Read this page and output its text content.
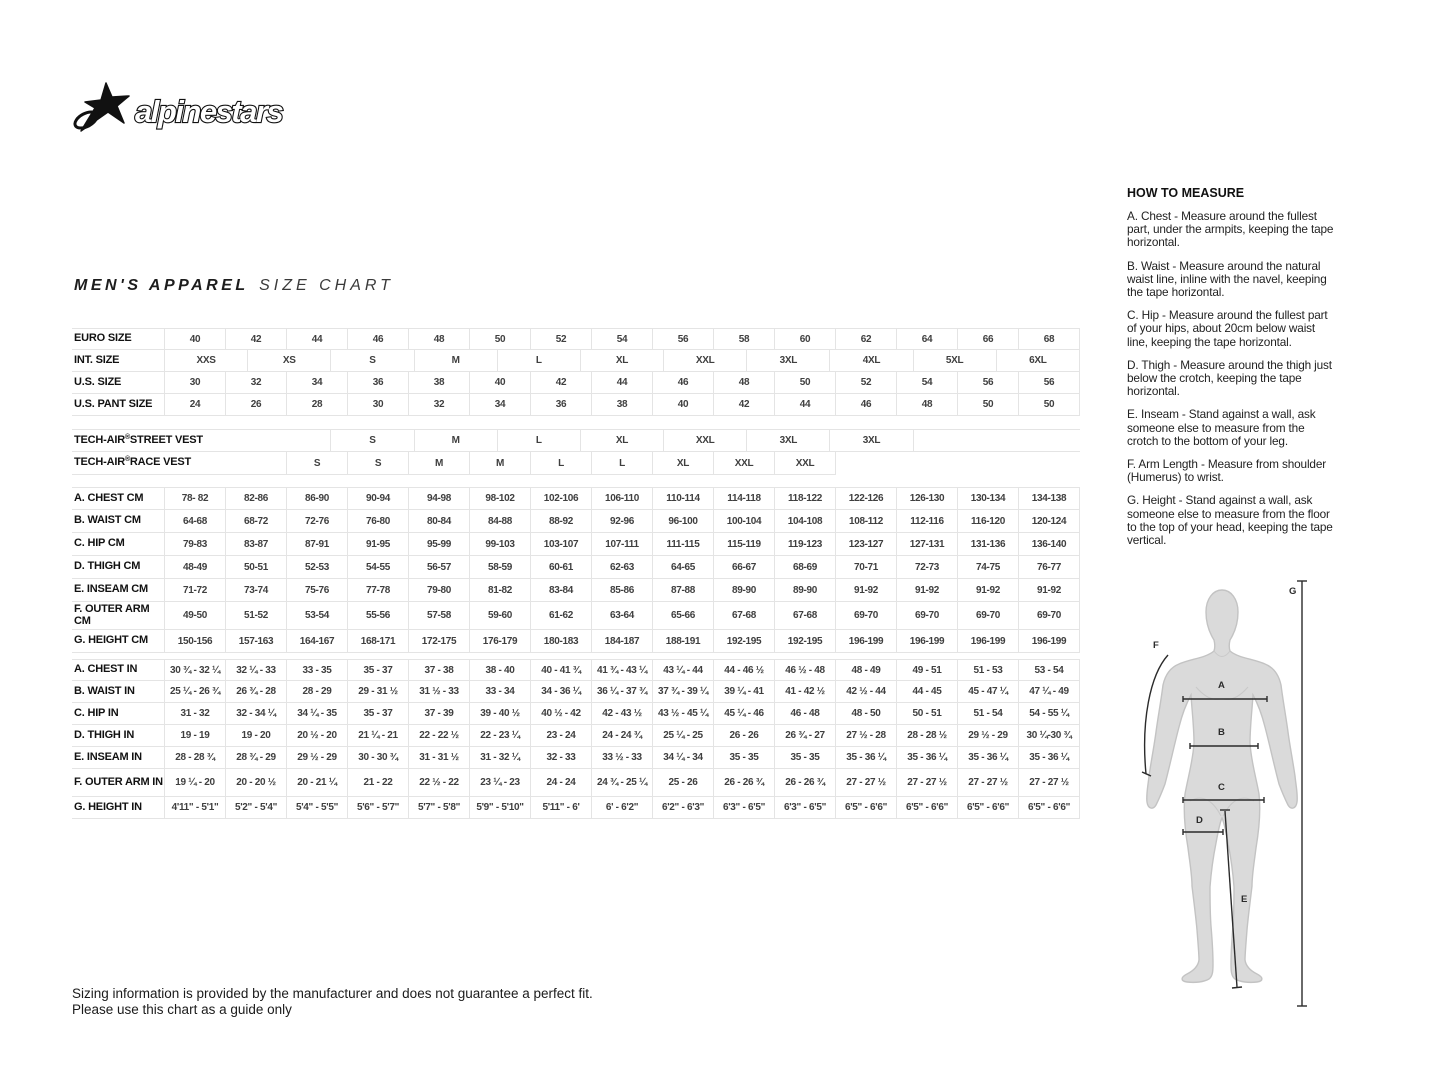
alpinestars
MEN'S APPAREL SIZE CHART
EURO SIZE	40	42	44	46	48	50	52	54	56	58	60	62	64	66	68
INT. SIZE	XXS	XS	S	M	L	XL	XXL	3XL	4XL	5XL	6XL
U.S. SIZE	30	32	34	36	38	40	42	44	46	48	50	52	54	56	56
U.S. PANT SIZE	24	26	28	30	32	34	36	38	40	42	44	46	48	50	50
TECH-AIR® STREET VEST	S	M	L	XL	XXL	3XL	3XL
TECH-AIR® RACE VEST	S	S	M	M	L	L	XL	XXL	XXL
A. CHEST CM	78- 82	82-86	86-90	90-94	94-98	98-102	102-106	106-110	110-114	114-118	118-122	122-126	126-130	130-134	134-138
B. WAIST CM	64-68	68-72	72-76	76-80	80-84	84-88	88-92	92-96	96-100	100-104	104-108	108-112	112-116	116-120	120-124
C. HIP CM	79-83	83-87	87-91	91-95	95-99	99-103	103-107	107-111	111-115	115-119	119-123	123-127	127-131	131-136	136-140
D. THIGH CM	48-49	50-51	52-53	54-55	56-57	58-59	60-61	62-63	64-65	66-67	68-69	70-71	72-73	74-75	76-77
E. INSEAM CM	71-72	73-74	75-76	77-78	79-80	81-82	83-84	85-86	87-88	89-90	89-90	91-92	91-92	91-92	91-92
F. OUTER ARM CM	49-50	51-52	53-54	55-56	57-58	59-60	61-62	63-64	65-66	67-68	67-68	69-70	69-70	69-70	69-70
G. HEIGHT CM	150-156	157-163	164-167	168-171	172-175	176-179	180-183	184-187	188-191	192-195	192-195	196-199	196-199	196-199	196-199
A. CHEST IN	30 ¾ - 32 ¼	32 ¼ - 33	33 - 35	35 - 37	37 - 38	38 - 40	40 - 41 ¾	41 ¾ - 43 ¼	43 ¼ - 44	44 - 46 ½	46 ½ - 48	48 - 49	49 - 51	51 - 53	53 - 54
B. WAIST IN	25 ¼ - 26 ¾	26 ¾ - 28	28 - 29	29 - 31 ½	31 ½ - 33	33 - 34	34 - 36 ¼	36 ¼ - 37 ¾	37 ¾ - 39 ¼	39 ¼ - 41	41 - 42 ½	42 ½ - 44	44 - 45	45 - 47 ¼	47 ¼ - 49
C. HIP IN	31 - 32	32 - 34 ¼	34 ¼ - 35	35 - 37	37 - 39	39 - 40 ½	40 ½ - 42	42 - 43 ½	43 ½ - 45 ¼	45 ¼ - 46	46 - 48	48 - 50	50 - 51	51 - 54	54 - 55 ¼
D. THIGH IN	19 - 19	19 - 20	20 ½ - 20	21 ¼ - 21	22 - 22 ½	22 - 23 ¼	23 - 24	24 - 24 ¾	25 ¼ - 25	26 - 26	26 ¾ - 27	27 ½ - 28	28 - 28 ½	29 ½ - 29	30 ¼-30 ¾
E. INSEAM IN	28 - 28 ¾	28 ¾ - 29	29 ½ - 29	30 - 30 ¾	31 - 31 ½	31 - 32 ¼	32 - 33	33 ½ - 33	34 ¼ - 34	35 - 35	35 - 35	35 - 36 ¼	35 - 36 ¼	35 - 36 ¼	35 - 36 ¼
F. OUTER ARM IN	19 ¼ - 20	20 - 20 ½	20 - 21 ¼	21 - 22	22 ½ - 22	23 ¼ - 23	24 - 24	24 ¾ - 25 ¼	25 - 26	26 - 26 ¾	26 - 26 ¾	27 - 27 ½	27 - 27 ½	27 - 27 ½	27 - 27 ½
G. HEIGHT IN	4'11" - 5'1"	5'2" - 5'4"	5'4" - 5'5"	5'6" - 5'7"	5'7" - 5'8"	5'9" - 5'10"	5'11" - 6'	6' - 6'2"	6'2" - 6'3"	6'3" - 6'5"	6'3" - 6'5"	6'5" - 6'6"	6'5" - 6'6"	6'5" - 6'6"	6'5" - 6'6"
HOW TO MEASURE
A. Chest - Measure around the fullest part, under the armpits, keeping the tape horizontal.
B. Waist - Measure around the natural waist line, inline with the navel, keeping the tape horizontal.
C. Hip - Measure around the fullest part of your hips, about 20cm below waist line, keeping the tape horizontal.
D. Thigh - Measure around the thigh just below the crotch, keeping the tape horizontal.
E. Inseam - Stand against a wall, ask someone else to measure from the crotch to the bottom of your leg.
F. Arm Length - Measure from shoulder (Humerus) to wrist.
G. Height - Stand against a wall, ask someone else to measure from the floor to the top of your head, keeping the tape vertical.
A
B
C
D
E
F
G
Sizing information is provided by the manufacturer and does not guarantee a perfect fit.
Please use this chart as a guide only
